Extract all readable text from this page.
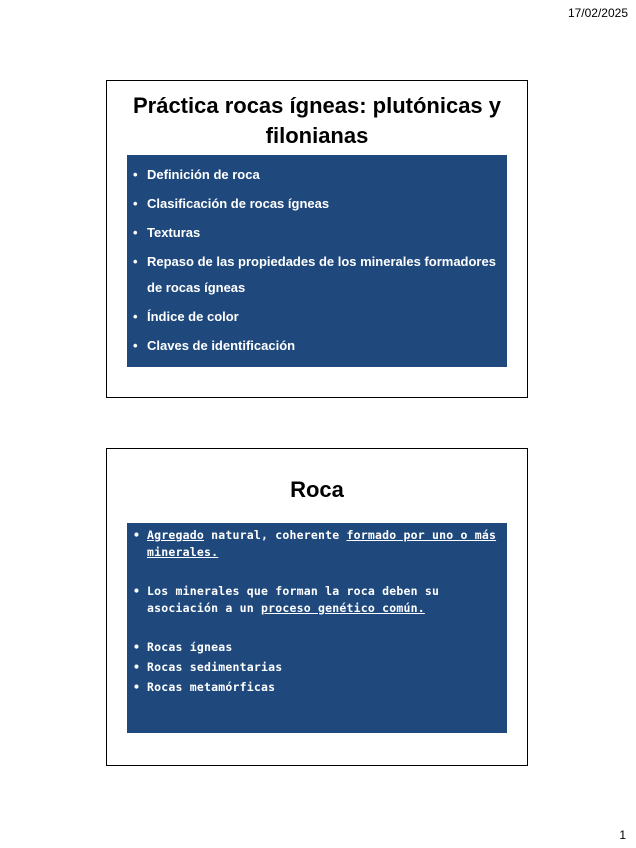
17/02/2025
Práctica rocas ígneas: plutónicas y filonianas
• Definición de roca
• Clasificación de rocas ígneas
• Texturas
• Repaso de las propiedades de los minerales formadores de rocas ígneas
• Índice de color
• Claves de identificación
Roca
• Agregado natural, coherente formado por uno o más minerales.
• Los minerales que forman la roca deben su asociación a un proceso genético común.
• Rocas ígneas
• Rocas sedimentarias
• Rocas metamórficas
1
